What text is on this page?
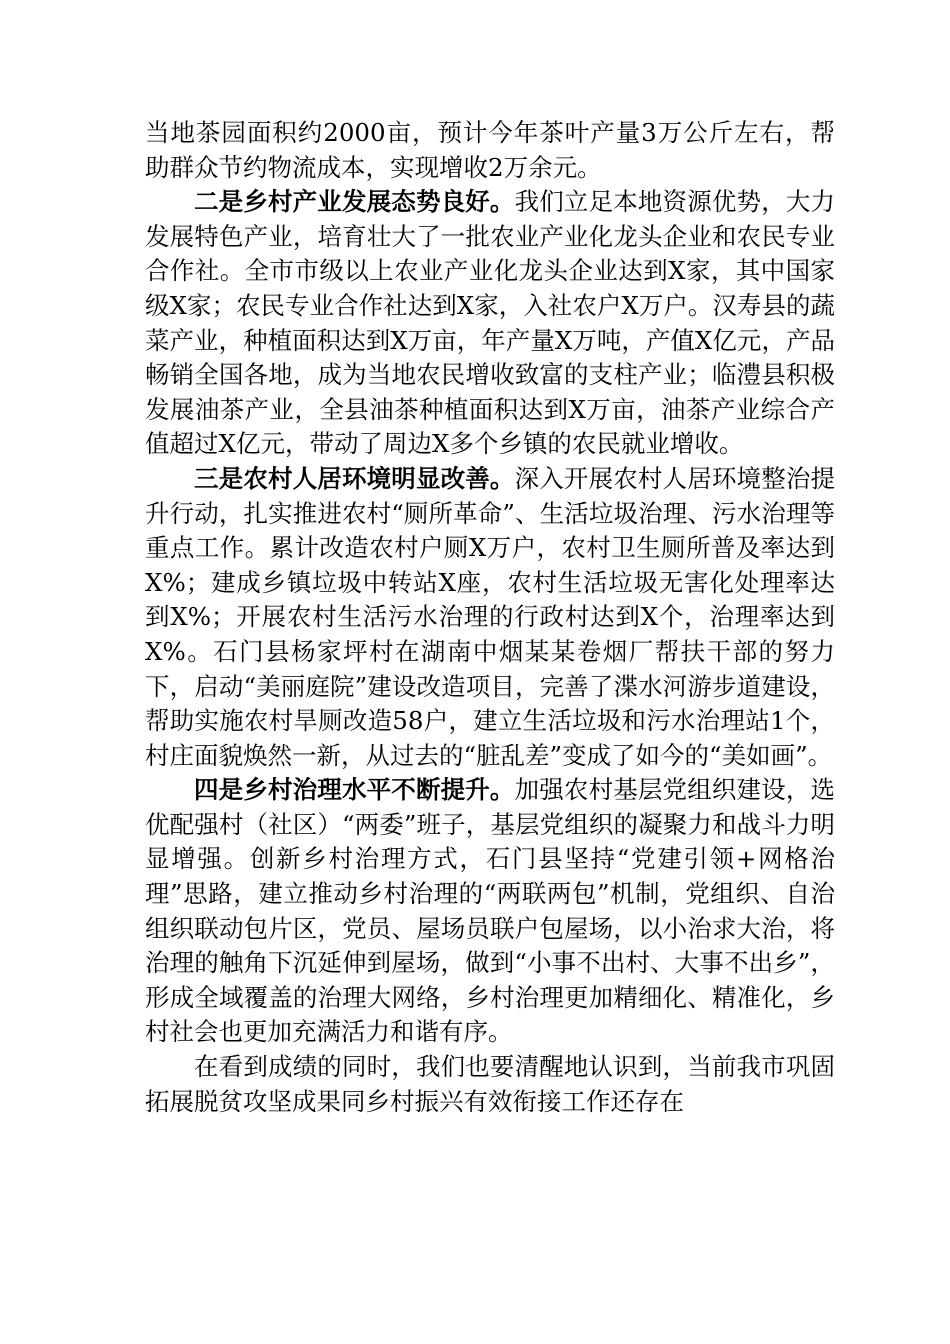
当地茶园面积约2000亩，预计今年茶叶产量3万公斤左右，帮助群众节约物流成本，实现增收2万余元。

二是乡村产业发展态势良好。我们立足本地资源优势，大力发展特色产业，培育壮大了一批农业产业化龙头企业和农民专业合作社。全市市级以上农业产业化龙头企业达到X家，其中国家级X家；农民专业合作社达到X家，入社农户X万户。汉寿县的蔬菜产业，种植面积达到X万亩，年产量X万吨，产值X亿元，产品畅销全国各地，成为当地农民增收致富的支柱产业；临澧县积极发展油茶产业，全县油茶种植面积达到X万亩，油茶产业综合产值超过X亿元，带动了周边X多个乡镇的农民就业增收。

三是农村人居环境明显改善。深入开展农村人居环境整治提升行动，扎实推进农村“厕所革命”、生活垃圾治理、污水治理等重点工作。累计改造农村户厕X万户，农村卫生厕所普及率达到X%；建成乡镇垃圾中转站X座，农村生活垃圾无害化处理率达到X%；开展农村生活污水治理的行政村达到X个，治理率达到X%。石门县杨家坪村在湖南中烟某某卷烟厂帮扶干部的努力下，启动“美丽庭院”建设改造项目，完善了渫水河游步道建设，帮助实施农村旱厕改造58户，建立生活垃圾和污水治理站1个，村庄面貌焕然一新，从过去的“脏乱差”变成了如今的“美如画”。

四是乡村治理水平不断提升。加强农村基层党组织建设，选优配强村（社区）“两委”班子，基层党组织的凝聚力和战斗力明显增强。创新乡村治理方式，石门县坚持“党建引领+网格治理”思路，建立推动乡村治理的“两联两包”机制，党组织、自治组织联动包片区，党员、屋场员联户包屋场，以小治求大治，将治理的触角下沉延伸到屋场，做到“小事不出村、大事不出乡”，形成全域覆盖的治理大网络，乡村治理更加精细化、精准化，乡村社会也更加充满活力和谐有序。

在看到成绩的同时，我们也要清醒地认识到，当前我市巩固拓展脱贫攻坚成果同乡村振兴有效衔接工作还存在
